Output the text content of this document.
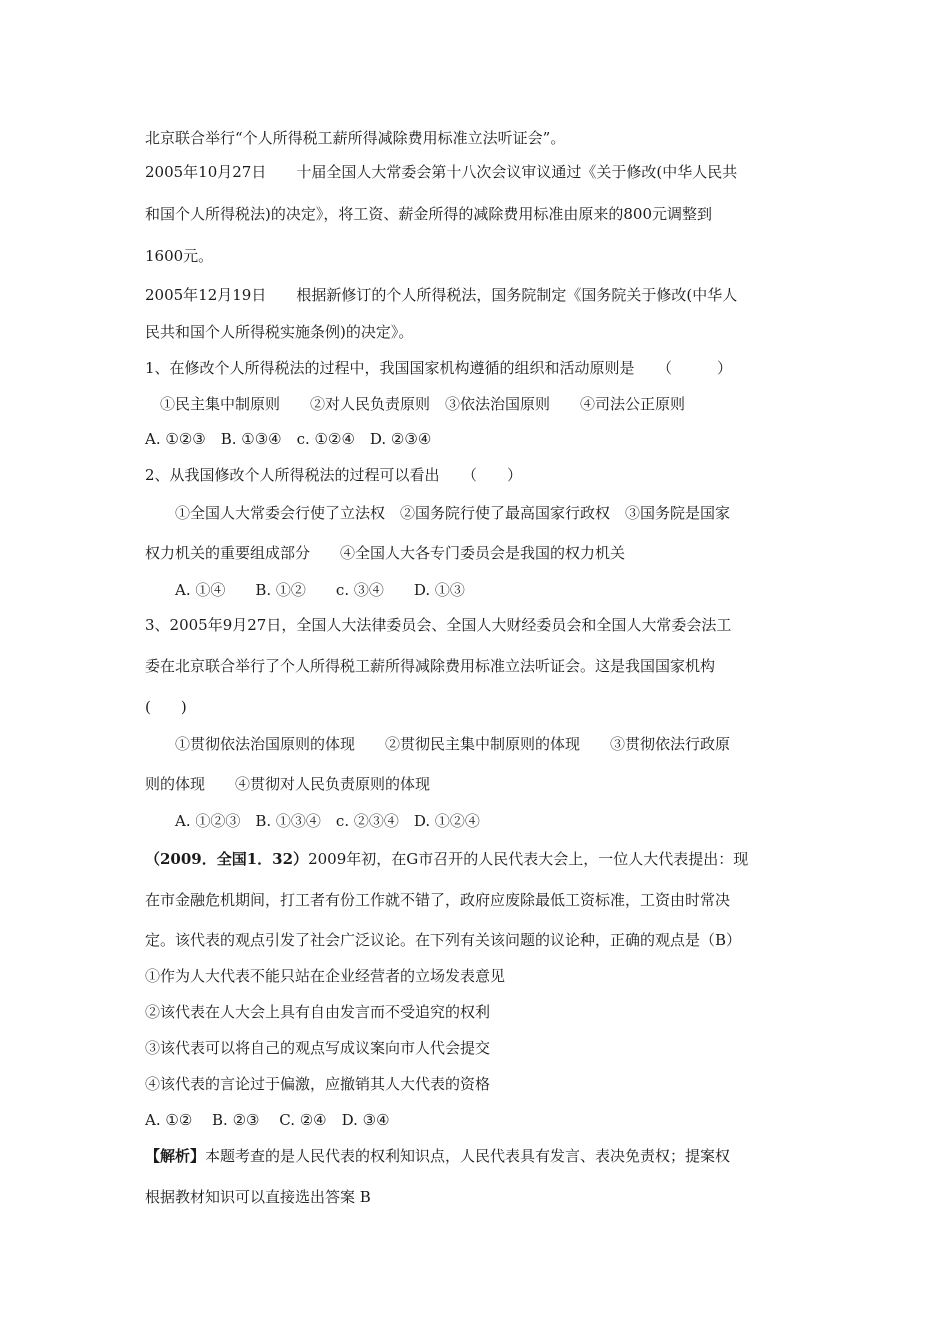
北京联合举行“个人所得税工薪所得减除费用标准立法听证会”。
2005年10月27日　　十届全国人大常委会第十八次会议审议通过《关于修改(中华人民共
和国个人所得税法)的决定》，将工资、薪金所得的减除费用标准由原来的800元调整到
1600元。
2005年12月19日　　根据新修订的个人所得税法，国务院制定《国务院关于修改(中华人
民共和国个人所得税实施条例)的决定》。
1、在修改个人所得税法的过程中，我国国家机构遵循的组织和活动原则是　　（　　　）
　①民主集中制原则　　②对人民负责原则　③依法治国原则　　④司法公正原则
A. ①②③　B. ①③④　c. ①②④　D. ②③④
2、从我国修改个人所得税法的过程可以看出　　（　　）
　　①全国人大常委会行使了立法权　②国务院行使了最高国家行政权　③国务院是国家
权力机关的重要组成部分　　④全国人大各专门委员会是我国的权力机关
　　A. ①④　　B. ①②　　c. ③④　　D. ①③
3、2005年9月27日，全国人大法律委员会、全国人大财经委员会和全国人大常委会法工
委在北京联合举行了个人所得税工薪所得减除费用标准立法听证会。这是我国国家机构
(　　)
　　①贯彻依法治国原则的体现　　②贯彻民主集中制原则的体现　　③贯彻依法行政原
则的体现　　④贯彻对人民负责原则的体现
　　A. ①②③　B. ①③④　c. ②③④　D. ①②④
（2009．全国1．32）2009年初，在G市召开的人民代表大会上，一位人大代表提出：现
在市金融危机期间，打工者有份工作就不错了，政府应废除最低工资标准，工资由时常决
定。该代表的观点引发了社会广泛议论。在下列有关该问题的议论种，正确的观点是（B）
①作为人大代表不能只站在企业经营者的立场发表意见
②该代表在人大会上具有自由发言而不受追究的权利
③该代表可以将自己的观点写成议案向市人代会提交
④该代表的言论过于偏激，应撤销其人大代表的资格
A. ①②　 B. ②③　 C. ②④　D. ③④
【解析】本题考查的是人民代表的权利知识点，人民代表具有发言、表决免责权；提案权
根据教材知识可以直接选出答案 B
